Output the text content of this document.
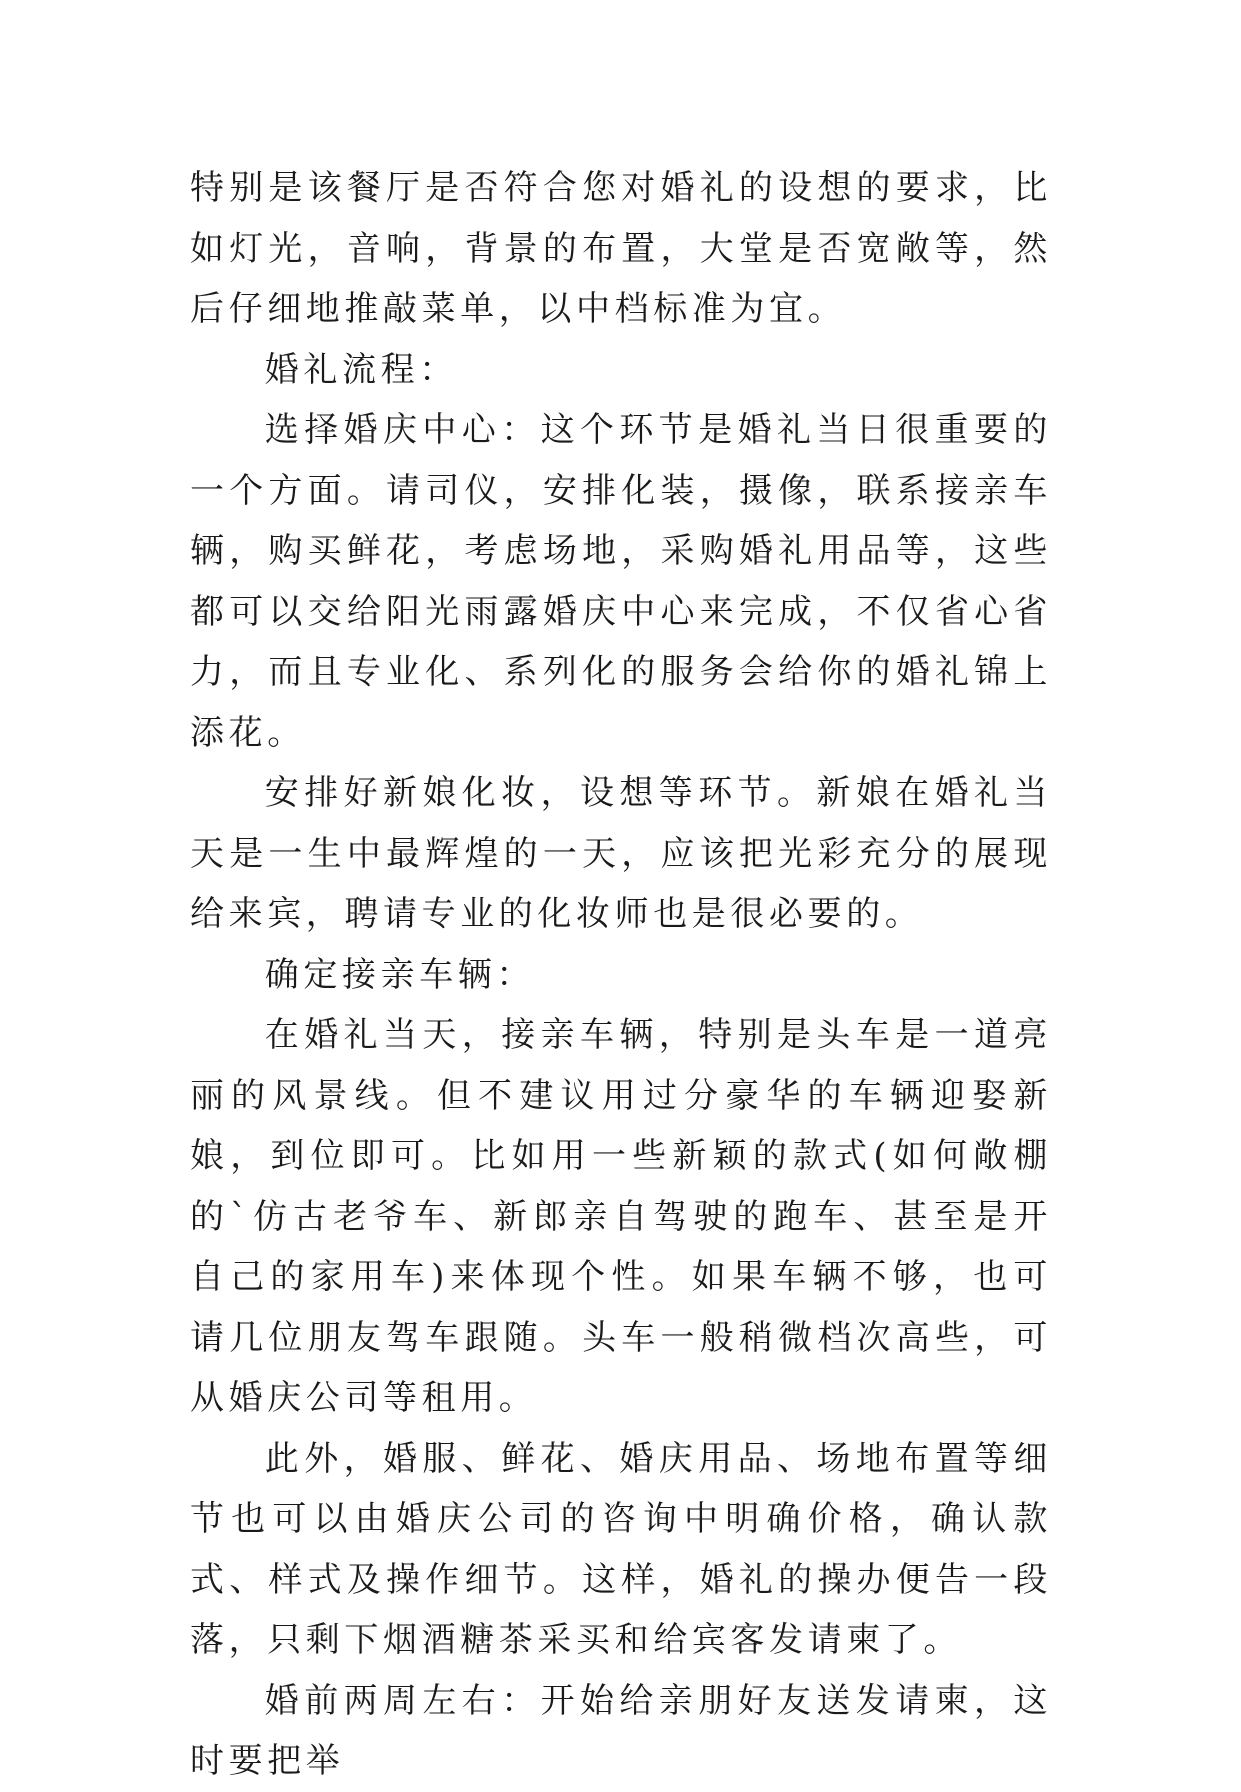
特别是该餐厅是否符合您对婚礼的设想的要求，比如灯光，音响，背景的布置，大堂是否宽敞等，然后仔细地推敲菜单，以中档标准为宜。

婚礼流程：

选择婚庆中心：这个环节是婚礼当日很重要的一个方面。请司仪，安排化装，摄像，联系接亲车辆，购买鲜花，考虑场地，采购婚礼用品等，这些都可以交给阳光雨露婚庆中心来完成，不仅省心省力，而且专业化、系列化的服务会给你的婚礼锦上添花。

安排好新娘化妆，设想等环节。新娘在婚礼当天是一生中最辉煌的一天，应该把光彩充分的展现给来宾，聘请专业的化妆师也是很必要的。

确定接亲车辆：

在婚礼当天，接亲车辆，特别是头车是一道亮丽的风景线。但不建议用过分豪华的车辆迎娶新娘，到位即可。比如用一些新颖的款式(如何敞棚的`仿古老爷车、新郎亲自驾驶的跑车、甚至是开自己的家用车)来体现个性。如果车辆不够，也可请几位朋友驾车跟随。头车一般稍微档次高些，可从婚庆公司等租用。

此外，婚服、鲜花、婚庆用品、场地布置等细节也可以由婚庆公司的咨询中明确价格，确认款式、样式及操作细节。这样，婚礼的操办便告一段落，只剩下烟酒糖茶采买和给宾客发请柬了。

婚前两周左右：开始给亲朋好友送发请柬，这时要把举
